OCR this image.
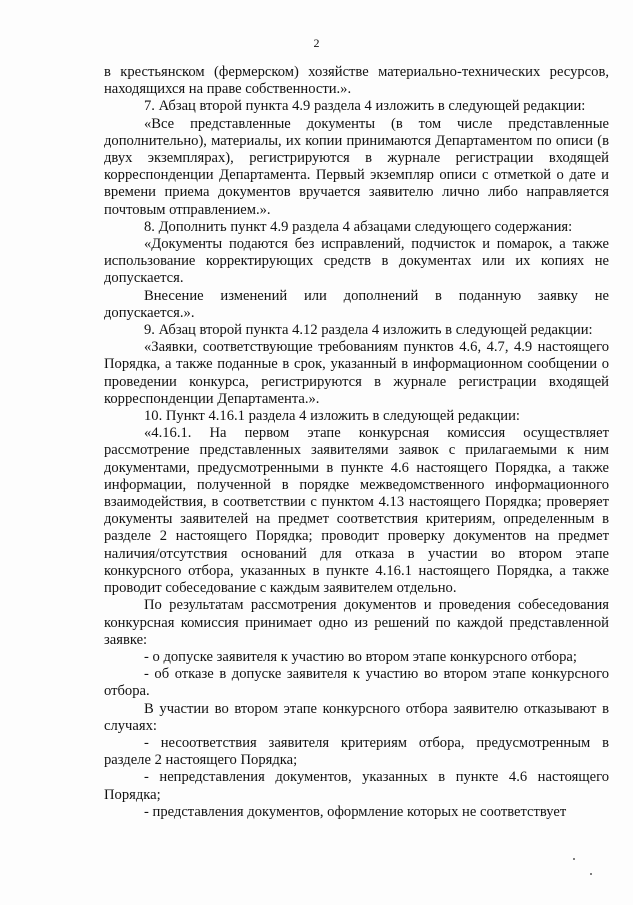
2

в крестьянском (фермерском) хозяйстве материально-технических ресурсов, находящихся на праве собственности.».

7. Абзац второй пункта 4.9 раздела 4 изложить в следующей редакции:

«Все представленные документы (в том числе представленные дополнительно), материалы, их копии принимаются Департаментом по описи (в двух экземплярах), регистрируются в журнале регистрации входящей корреспонденции Департамента. Первый экземпляр описи с отметкой о дате и времени приема документов вручается заявителю лично либо направляется почтовым отправлением.».

8. Дополнить пункт 4.9 раздела 4 абзацами следующего содержания:

«Документы подаются без исправлений, подчисток и помарок, а также использование корректирующих средств в документах или их копиях не допускается.

Внесение изменений или дополнений в поданную заявку не допускается.».

9. Абзац второй пункта 4.12 раздела 4 изложить в следующей редакции:

«Заявки, соответствующие требованиям пунктов 4.6, 4.7, 4.9 настоящего Порядка, а также поданные в срок, указанный в информационном сообщении о проведении конкурса, регистрируются в журнале регистрации входящей корреспонденции Департамента.».

10. Пункт 4.16.1 раздела 4 изложить в следующей редакции:

«4.16.1. На первом этапе конкурсная комиссия осуществляет рассмотрение представленных заявителями заявок с прилагаемыми к ним документами, предусмотренными в пункте 4.6 настоящего Порядка, а также информации, полученной в порядке межведомственного информационного взаимодействия, в соответствии с пунктом 4.13 настоящего Порядка; проверяет документы заявителей на предмет соответствия критериям, определенным в разделе 2 настоящего Порядка; проводит проверку документов на предмет наличия/отсутствия оснований для отказа в участии во втором этапе конкурсного отбора, указанных в пункте 4.16.1 настоящего Порядка, а также проводит собеседование с каждым заявителем отдельно.

По результатам рассмотрения документов и проведения собеседования конкурсная комиссия принимает одно из решений по каждой представленной заявке:

- о допуске заявителя к участию во втором этапе конкурсного отбора;

- об отказе в допуске заявителя к участию во втором этапе конкурсного отбора.

В участии во втором этапе конкурсного отбора заявителю отказывают в случаях:

- несоответствия заявителя критериям отбора, предусмотренным в разделе 2 настоящего Порядка;

- непредставления документов, указанных в пункте 4.6 настоящего Порядка;

- представления документов, оформление которых не соответствует
